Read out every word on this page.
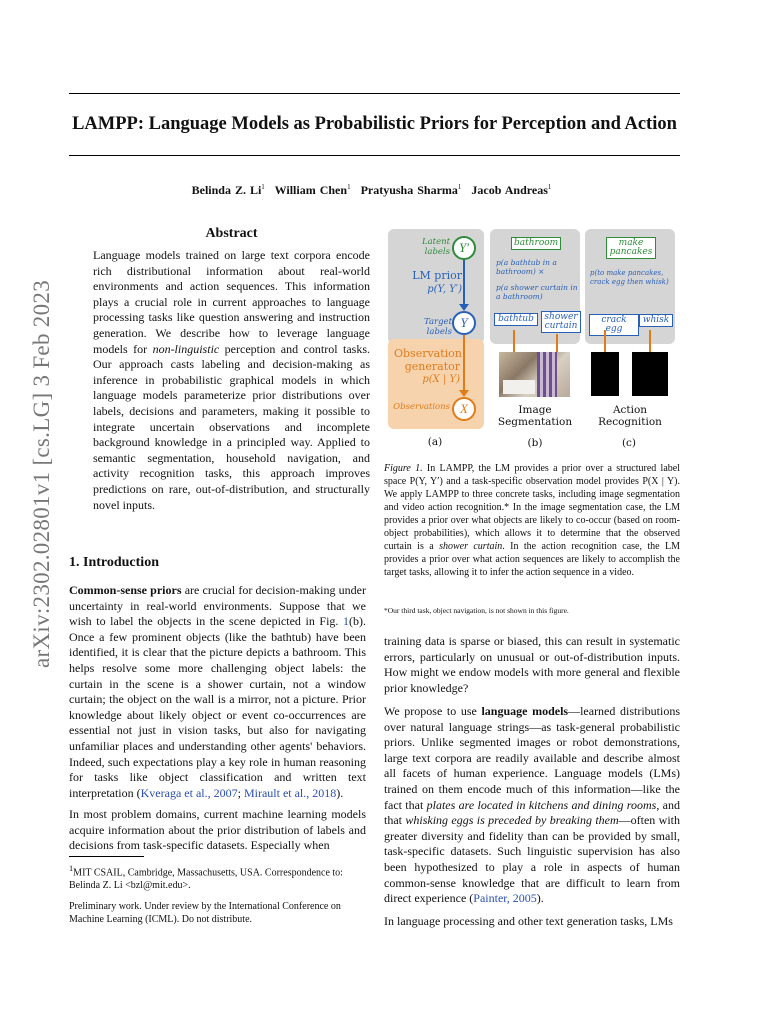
LAMPP: Language Models as Probabilistic Priors for Perception and Action
Belinda Z. Li$^1$ William Chen$^1$ Pratyusha Sharma$^1$ Jacob Andreas$^1$
arXiv:2302.02801v1 [cs.LG] 3 Feb 2023
Abstract
Language models trained on large text corpora encode rich distributional information about real-world environments and action sequences. This information plays a crucial role in current approaches to language processing tasks like question answering and instruction generation. We describe how to leverage language models for non-linguistic perception and control tasks. Our approach casts labeling and decision-making as inference in probabilistic graphical models in which language models parameterize prior distributions over labels, decisions and parameters, making it possible to integrate uncertain observations and incomplete background knowledge in a principled way. Applied to semantic segmentation, household navigation, and activity recognition tasks, this approach improves predictions on rare, out-of-distribution, and structurally novel inputs.
1. Introduction
Common-sense priors are crucial for decision-making under uncertainty in real-world environments. Suppose that we wish to label the objects in the scene depicted in Fig. 1(b). Once a few prominent objects (like the bathtub) have been identified, it is clear that the picture depicts a bathroom. This helps resolve some more challenging object labels: the curtain in the scene is a shower curtain, not a window curtain; the object on the wall is a mirror, not a picture. Prior knowledge about likely object or event co-occurrences are essential not just in vision tasks, but also for navigating unfamiliar places and understanding other agents' behaviors. Indeed, such expectations play a key role in human reasoning for tasks like object classification and written text interpretation (Kveraga et al., 2007; Mirault et al., 2018).
In most problem domains, current machine learning models acquire information about the prior distribution of labels and decisions from task-specific datasets. Especially when
$^1$MIT CSAIL, Cambridge, Massachusetts, USA. Correspondence to: Belinda Z. Li <bzl@mit.edu>.
Preliminary work. Under review by the International Conference on Machine Learning (ICML). Do not distribute.
Latent labels Y′
LM prior
p(Y, Y′)
Target labels
Y
Observation generator
p(X | Y)
Observations X
(a)
bathroom
p(a bathtub in a bathroom) ×
p(a shower curtain in a bathroom)
bathtub	shower curtain
Image Segmentation
(b)
make pancakes
p(to make pancakes, crack egg then whisk)
crack egg
whisk
Action Recognition
(c)
Figure 1. In LAMPP, the LM provides a prior over a structured label space P(Y, Y′) and a task-specific observation model provides P(X | Y). We apply LAMPP to three concrete tasks, including image segmentation and video action recognition.* In the image segmentation case, the LM provides a prior over what objects are likely to co-occur (based on room-object probabilities), which allows it to determine that the observed curtain is a shower curtain. In the action recognition case, the LM provides a prior over what action sequences are likely to accomplish the target tasks, allowing it to infer the action sequence in a video.
*Our third task, object navigation, is not shown in this figure.
training data is sparse or biased, this can result in systematic errors, particularly on unusual or out-of-distribution inputs. How might we endow models with more general and flexible prior knowledge?
We propose to use language models—learned distributions over natural language strings—as task-general probabilistic priors. Unlike segmented images or robot demonstrations, large text corpora are readily available and describe almost all facets of human experience. Language models (LMs) trained on them encode much of this information—like the fact that plates are located in kitchens and dining rooms, and that whisking eggs is preceded by breaking them—often with greater diversity and fidelity than can be provided by small, task-specific datasets. Such linguistic supervision has also been hypothesized to play a role in aspects of human common-sense knowledge that are difficult to learn from direct experience (Painter, 2005).
In language processing and other text generation tasks, LMs
